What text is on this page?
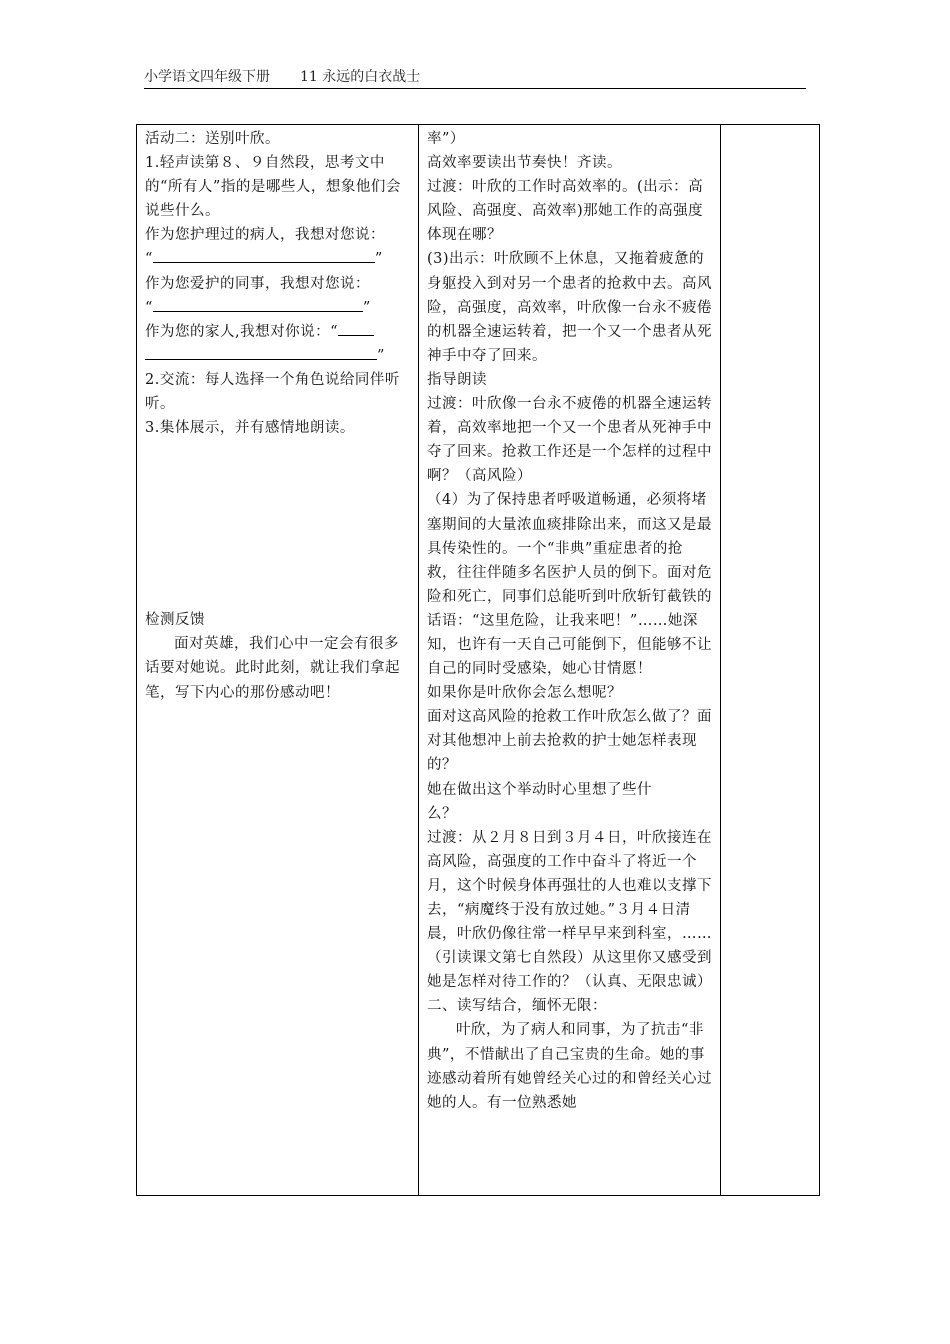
小学语文四年级下册 11 永远的白衣战士

活动二：送别叶欣。

1.轻声读第８、９自然段，思考文中的“所有人”指的是哪些人，想象他们会说些什么。

作为您护理过的病人，我想对您说：

“	”

作为您爱护的同事，我想对您说：

“	”

作为您的家人,我想对你说：“

”

2.交流：每人选择一个角色说给同伴听听。

3.集体展示，并有感情地朗读。

检测反馈

面对英雄，我们心中一定会有很多话要对她说。此时此刻，就让我们拿起笔，写下内心的那份感动吧！

率”）

高效率要读出节奏快！齐读。

过渡：叶欣的工作时高效率的。(出示：高风险、高强度、高效率)那她工作的高强度体现在哪？

(3)出示：叶欣顾不上休息，又拖着疲惫的身躯投入到对另一个患者的抢救中去。高风险，高强度，高效率，叶欣像一台永不疲倦的机器全速运转着，把一个又一个患者从死神手中夺了回来。

指导朗读

过渡：叶欣像一台永不疲倦的机器全速运转着，高效率地把一个又一个患者从死神手中夺了回来。抢救工作还是一个怎样的过程中啊？（高风险）

（4）为了保持患者呼吸道畅通，必须将堵塞期间的大量浓血痰排除出来，而这又是最具传染性的。一个“非典”重症患者的抢救，往往伴随多名医护人员的倒下。面对危险和死亡，同事们总能听到叶欣斩钉截铁的话语：“这里危险，让我来吧！”……她深知，也许有一天自己可能倒下，但能够不让自己的同时受感染，她心甘情愿！

如果你是叶欣你会怎么想呢？

面对这高风险的抢救工作叶欣怎么做了？面对其他想冲上前去抢救的护士她怎样表现的？

她在做出这个举动时心里想了些什么？

过渡：从２月８日到３月４日，叶欣接连在高风险，高强度的工作中奋斗了将近一个月，这个时候身体再强壮的人也难以支撑下去，“病魔终于没有放过她。”３月４日清晨，叶欣仍像往常一样早早来到科室，……（引读课文第七自然段）从这里你又感受到她是怎样对待工作的？（认真、无限忠诚）

二、读写结合，缅怀无限：

叶欣，为了病人和同事，为了抗击“非典”，不惜献出了自己宝贵的生命。她的事迹感动着所有她曾经关心过的和曾经关心过她的人。有一位熟悉她
